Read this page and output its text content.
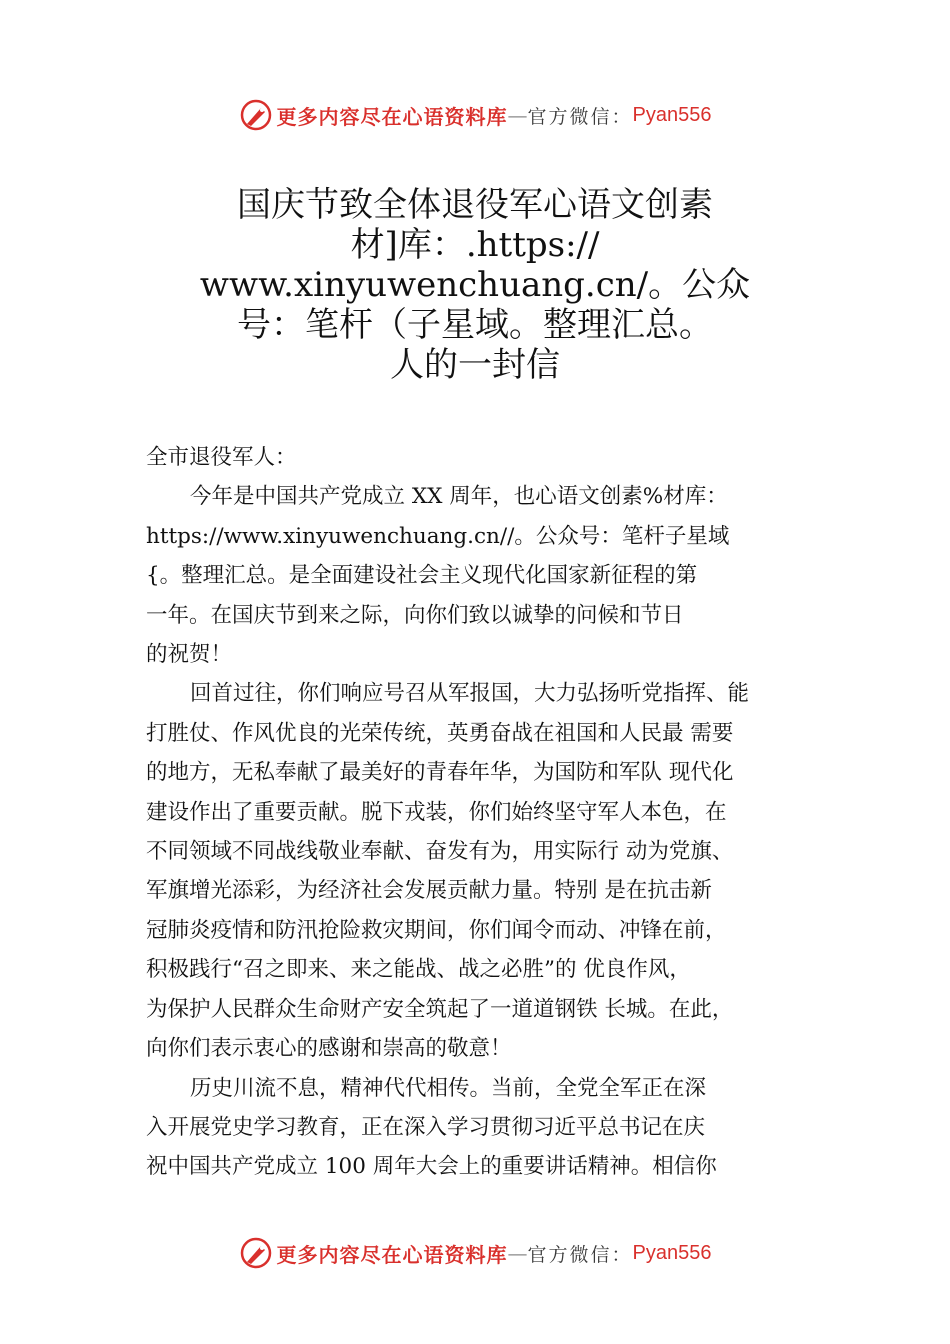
更多内容尽在心语资料库 — 官方微信： Pyan556
国庆节致全体退役军心语文创素
材]库：.https://
www.xinyuwenchuang.cn/。公众
号：笔杆（子星域。整理汇总。
人的一封信
全市退役军人：
今年是中国共产党成立 XX 周年，也心语文创素%材库：
https://www.xinyuwenchuang.cn//。公众号：笔杆子星域
{。整理汇总。是全面建设社会主义现代化国家新征程的第
一年。在国庆节到来之际，向你们致以诚挚的问候和节日
的祝贺！
回首过往，你们响应号召从军报国，大力弘扬听党指挥、能
打胜仗、作风优良的光荣传统，英勇奋战在祖国和人民最 需要
的地方，无私奉献了最美好的青春年华，为国防和军队 现代化
建设作出了重要贡献。脱下戎装，你们始终坚守军人本色，在
不同领域不同战线敬业奉献、奋发有为，用实际行 动为党旗、
军旗增光添彩，为经济社会发展贡献力量。特别 是在抗击新
冠肺炎疫情和防汛抢险救灾期间，你们闻令而动、冲锋在前，
积极践行“召之即来、来之能战、战之必胜”的 优良作风，
为保护人民群众生命财产安全筑起了一道道钢铁 长城。在此，
向你们表示衷心的感谢和崇高的敬意！
历史川流不息，精神代代相传。当前，全党全军正在深
入开展党史学习教育，正在深入学习贯彻习近平总书记在庆
祝中国共产党成立 100 周年大会上的重要讲话精神。相信你
更多内容尽在心语资料库 — 官方微信： Pyan556
